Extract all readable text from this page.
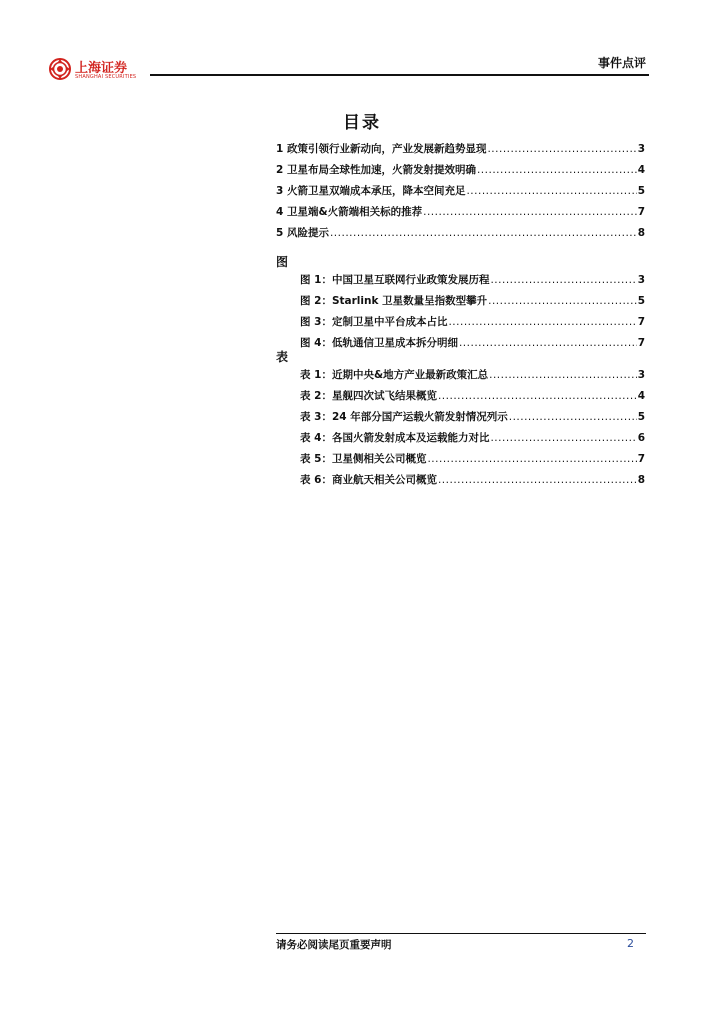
上海证券
SHANGHAI SECURITIES
事件点评
目录
1 政策引领行业新动向，产业发展新趋势显现 .....	3
2 卫星布局全球性加速，火箭发射提效明确 .....	4
3 火箭卫星双端成本承压，降本空间充足 .....	5
4 卫星端&火箭端相关标的推荐 .....	7
5 风险提示 .....	8
图
图 1：中国卫星互联网行业政策发展历程 .....	3
图 2：Starlink 卫星数量呈指数型攀升 .....	5
图 3：定制卫星中平台成本占比 .....	7
图 4：低轨通信卫星成本拆分明细 .....	7
表
表 1：近期中央&地方产业最新政策汇总 .....	3
表 2：星舰四次试飞结果概览 .....	4
表 3：24 年部分国产运载火箭发射情况列示 .....	5
表 4：各国火箭发射成本及运载能力对比 .....	6
表 5：卫星侧相关公司概览 .....	7
表 6：商业航天相关公司概览 .....	8
请务必阅读尾页重要声明	2
